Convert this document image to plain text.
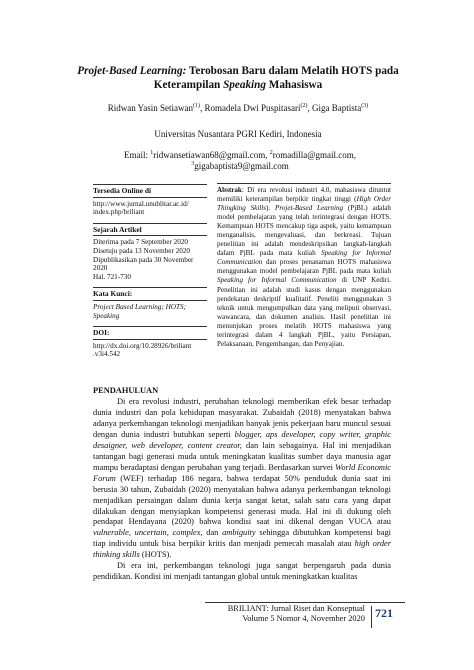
Projet-Based Learning: Terobosan Baru dalam Melatih HOTS pada
Keterampilan Speaking Mahasiswa
Ridwan Yasin Setiawan$^{(1)}$, Romadela Dwi Puspitasari$^{(2)}$, Giga Baptista$^{(3)}$
Universitas Nusantara PGRI Kediri, Indonesia
Email: $^1$ridwansetiawan68@gmail.com, $^2$romadilla@gmail.com,
$^3$gigabaptista9@gmail.com
Tersedia Online di
http://www.jurnal.unublitar.ac.id/ index.php/briliant
Sejarah Artikel
Diterima pada 7 September 2020
Disetuju pada 13 November 2020
Dipublikasikan pada 30 November 2020
Hal. 721-730
Kata Kunci:
Project Based Learning; HOTS; Speaking
DOI:
http://dx.doi.org/10.28926/briliant .v3i4.542
Abstrak: Di era revolusi industri 4.0, mahasiswa dituntut memiliki keterampilan berpikir tingkat tinggi (High Order Thingking Skills). Projet-Based Learning (PjBL) adalah model pembelajaran yang telah terintegrasi dengan HOTS. Kemampuan HOTS mencakup tiga aspek, yaitu kemampuan menganalisis, mengevaluasi, dan berkreasi. Tujuan penelitian ini adalah mendeskripsikan langkah-langkah dalam PjBL pada mata kuliah Speaking for Informal Communication dan proses penanaman HOTS mahasiswa menggunakan model pembelajaran PjBL pada mata kuliah Speaking for Informal Communication di UNP Kediri. Penelitian ini adalah studi kasus dengan menggunakan pendekatan deskriptif kualitatif. Peneliti menggunakan 3 teknik untuk mengumpulkan data yang meliputi observasi, wawancara, dan dokumen analisis. Hasil penelitian ini menunjukan proses melatih HOTS mahasiswa yang terintegrasi dalam 4 langkah PjBL, yaitu Persiapan, Pelaksanaan, Pengembangan, dan Penyajian.
PENDAHULUAN

Di era revolusi industri, perubahan teknologi memberikan efek besar terhadap dunia industri dan pola kehidupan masyarakat. Zubaidah (2018) menyatakan bahwa adanya perkembangan teknologi menjadikan banyak jenis pekerjaan baru muncul sesuai dengan dunia industri butuhkan seperti blogger, aps developer, copy writer, graphic desaigner, web developer, content creator, dan lain sebagainya. Hal ini menjadikan tantangan bagi generasi muda untuk meningkatan kualitas sumber daya manusia agar mampu beradaptasi dengan perubahan yang terjadi. Berdasarkan survei World Economic Forum (WEF) terhadap 186 negara, bahwa terdapat 50% penduduk dunia saat ini berusia 30 tahun, Zubaidah (2020) menyatakan bahwa adanya perkembangan teknologi menjadikan persaingan dalam dunia kerja sangat ketat, salah satu cara yang dapat dilakukan dengan menyiapkan kompetensi generasi muda. Hal ini di dukung oleh pendapat Hendayana (2020) bahwa kondisi saat ini dikenal dengan VUCA atau vulnerable, uncertain, complex, dan ambiguity sehingga dibutuhkan kompetensi bagi tiap individu untuk bisa berpikir kritis dan menjadi pemecah masalah atau high order thinking skills (HOTS).

Di era ini, perkembangan teknologi juga sangat berpengaruh pada dunia pendidikan. Kondisi ini menjadi tantangan global untuk meningkatkan kualitas

BRILIANT: Jurnal Riset dan Konseptual
Volume 5 Nomor 4, November 2020 721
